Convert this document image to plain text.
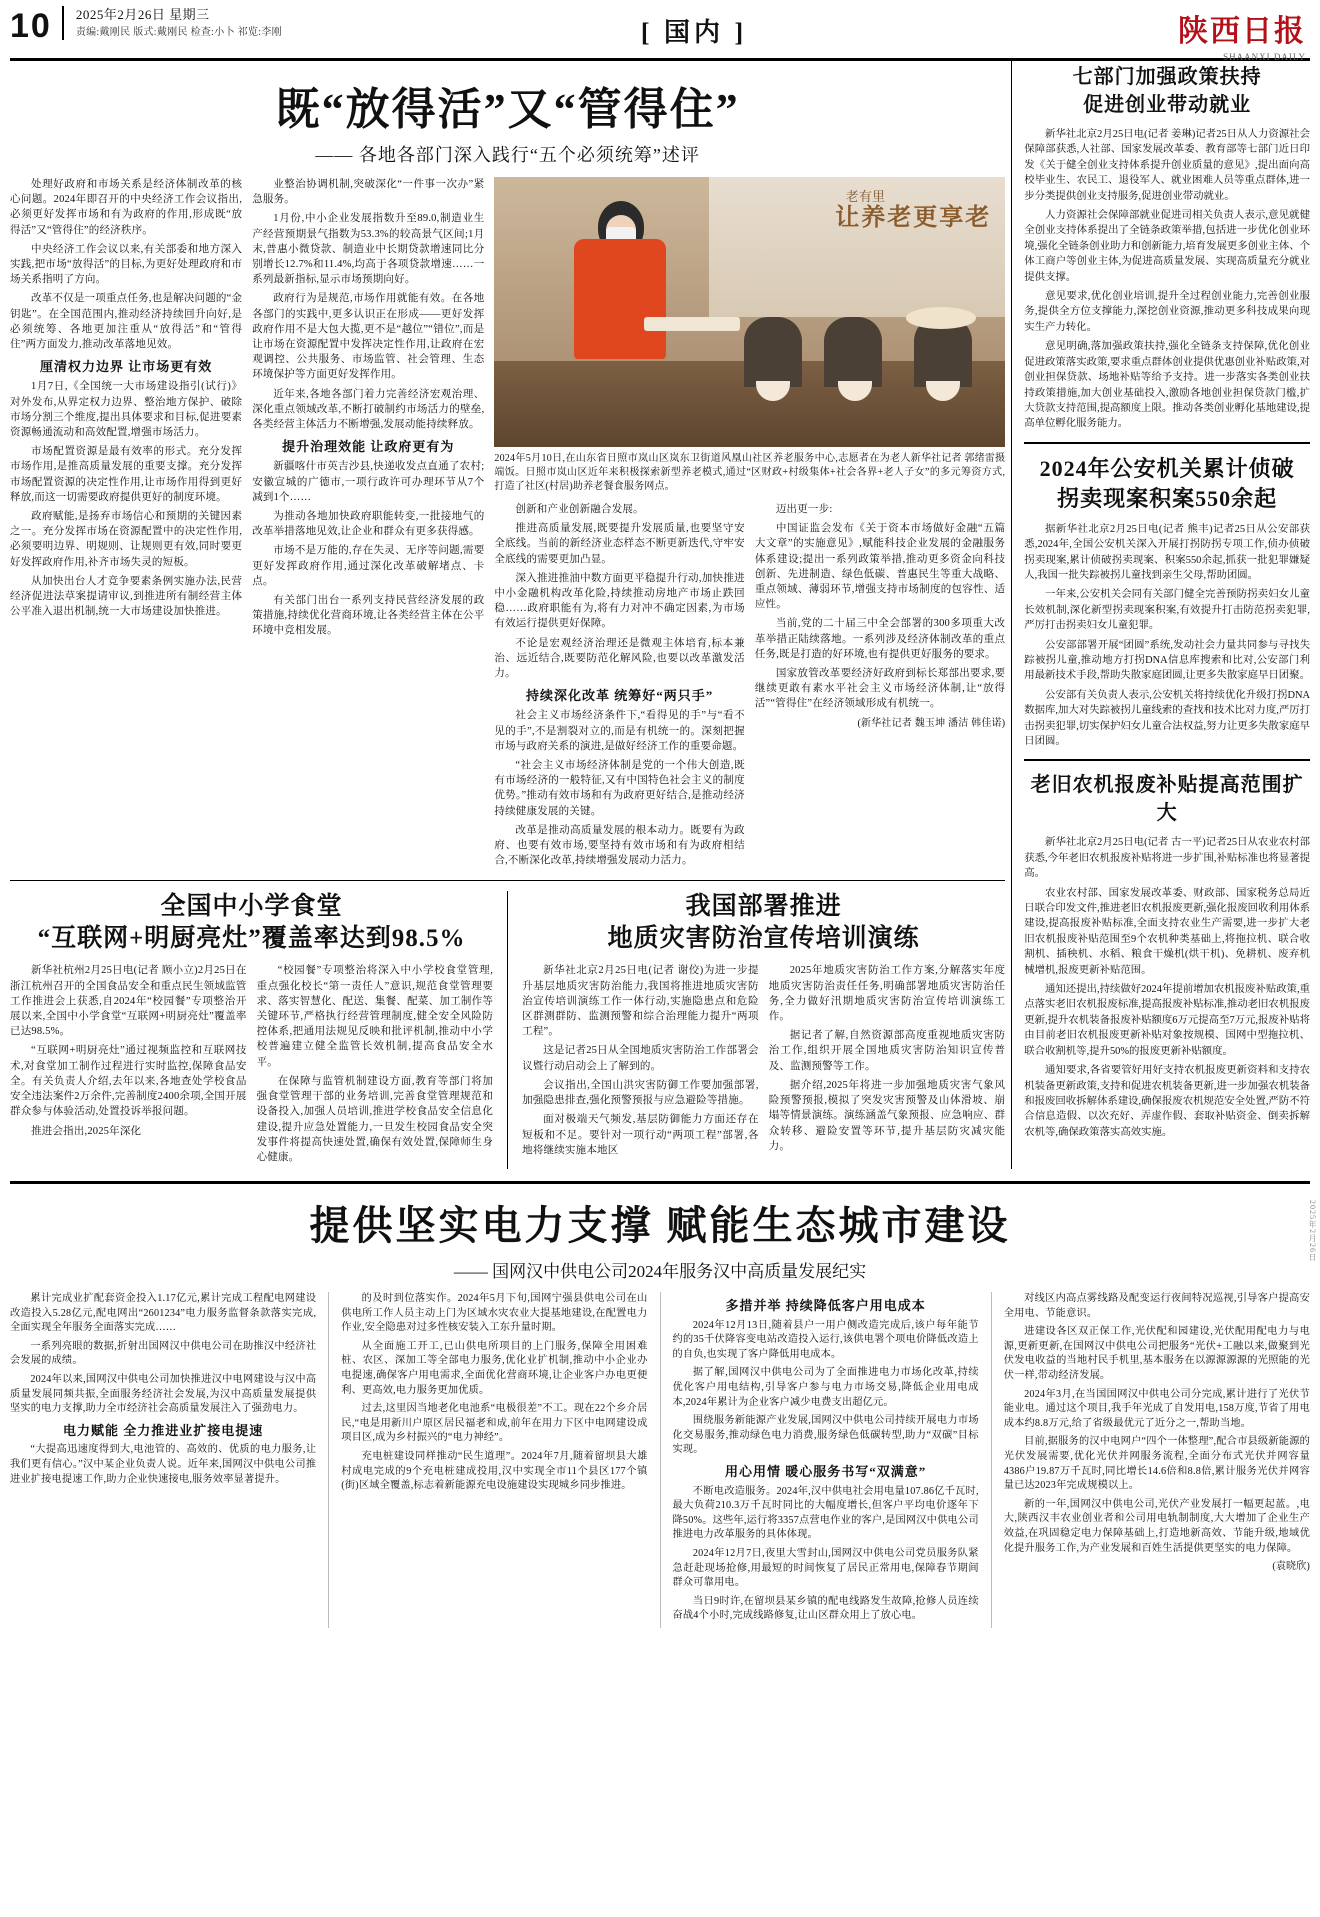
10 2025年2月26日 星期三
责编:戴刚民 版式:戴刚民 检查:小卜 祁览:李刚	[ 国内 ]	陕西日报
SHAANXI DAILY
既“放得活”又“管得住”
—— 各地各部门深入践行“五个必须统筹”述评

处理好政府和市场关系是经济体制改革的核心问题。2024年即召开的中央经济工作会议指出,必须更好发挥市场和有为政府的作用,形成既“放得活”又“管得住”的经济秩序。

中央经济工作会议以来,有关部委和地方深入实践,把市场“放得活”的目标,为更好处理政府和市场关系指明了方向。

改革不仅是一项重点任务,也是解决问题的“金钥匙”。在全国范围内,推动经济持续回升向好,是必须统筹、各地更加注重从“放得活”和“管得住”两方面发力,推动改革落地见效。

厘清权力边界 让市场更有效

1月7日,《全国统一大市场建设指引(试行)》对外发布,从界定权力边界、整治地方保护、破除市场分割三个维度,提出具体要求和目标,促进要素资源畅通流动和高效配置,增强市场活力。

市场配置资源是最有效率的形式。充分发挥市场作用,是推高质量发展的重要支撑。充分发挥市场配置资源的决定性作用,让市场作用得到更好释放,而这一切需要政府提供更好的制度环境。

政府赋能,是扬弃市场信心和预期的关键因素之一。充分发挥市场在资源配置中的决定性作用,必须要明边界、明规则、让规则更有效,同时要更好发挥政府作用,补齐市场失灵的短板。

从加快出台人才竞争要素条例实施办法,民营经济促进法草案提请审议,到推进所有制经营主体公平准入退出机制,统一大市场建设加快推进。

业整治协调机制,突破深化“一件事一次办”紧急服务。

1月份,中小企业发展指数升至89.0,制造业生产经营预期景气指数为53.3%的较高景气区间;1月末,普惠小微贷款、制造业中长期贷款增速同比分别增长12.7%和11.4%,均高于各项贷款增速……一系列最新指标,显示市场预期向好。

政府行为是规范,市场作用就能有效。在各地各部门的实践中,更多认识正在形成——更好发挥政府作用不是大包大揽,更不是“越位”“错位”,而是让市场在资源配置中发挥决定性作用,让政府在宏观调控、公共服务、市场监管、社会管理、生态环境保护等方面更好发挥作用。

近年来,各地各部门着力完善经济宏观治理、深化重点领域改革,不断打破制约市场活力的壁垒,各类经营主体活力不断增强,发展动能持续释放。

提升治理效能 让政府更有为

新疆喀什市英吉沙县,快递收发点直通了农村;安徽宣城的广德市,一项行政许可办理环节从7个减到1个……

为推动各地加快政府职能转变,一批接地气的改革举措落地见效,让企业和群众有更多获得感。

市场不是万能的,存在失灵、无序等问题,需要更好发挥政府作用,通过深化改革破解堵点、卡点。

有关部门出台一系列支持民营经济发展的政策措施,持续优化营商环境,让各类经营主体在公平环境中竞相发展。

老有里
让养老更享老
新华社记者 郭绪雷摄
2024年5月10日,在山东省日照市岚山区岚东卫街道风凰山社区养老服务中心,志愿者在为老人端饭。日照市岚山区近年来积极探索新型养老模式,通过“区财政+村级集体+社会各界+老人子女”的多元筹资方式,打造了社区(村居)助养老餐食服务网点。

创新和产业创新融合发展。

推进高质量发展,既要提升发展质量,也要坚守安全底线。当前的新经济业态样态不断更新迭代,守牢安全底线的需要更加凸显。

深入推进推油中数方面更平稳提升行动,加快推进中小金融机构改革化险,持续推动房地产市场止跌回稳……政府职能有为,将有力对冲不确定因素,为市场有效运行提供更好保障。

不论是宏观经济治理还是微观主体培育,标本兼治、远近结合,既要防范化解风险,也要以改革激发活力。

持续深化改革 统筹好“两只手”

社会主义市场经济条件下,“看得见的手”与“看不见的手”,不是割裂对立的,而是有机统一的。深刻把握市场与政府关系的演进,是做好经济工作的重要命题。

“社会主义市场经济体制是党的一个伟大创造,既有市场经济的一般特征,又有中国特色社会主义的制度优势。”推动有效市场和有为政府更好结合,是推动经济持续健康发展的关键。

改革是推动高质量发展的根本动力。既要有为政府、也要有效市场,要坚持有效市场和有为政府相结合,不断深化改革,持续增强发展动力活力。

迈出更一步:

中国证监会发布《关于资本市场做好金融“五篇大文章”的实施意见》,赋能科技企业发展的金融服务体系建设;提出一系列政策举措,推动更多资金向科技创新、先进制造、绿色低碳、普惠民生等重大战略、重点领域、薄弱环节,增强支持市场制度的包容性、适应性。

当前,党的二十届三中全会部署的300多项重大改革举措正陆续落地。一系列涉及经济体制改革的重点任务,既是打造的好环境,也有提供更好服务的要求。

国家放管改革要经济好政府到标长郑部出要求,要继续更敢有素水平社会主义市场经济体制,让“放得活”“管得住”在经济领域形成有机统一。

(新华社记者 魏玉坤 潘洁 韩佳诺)
全国中小学食堂
“互联网+明厨亮灶”覆盖率达到98.5%

新华社杭州2月25日电(记者 顾小立)2月25日在浙江杭州召开的全国食品安全和重点民生领域监管工作推进会上获悉,自2024年“校园餐”专项整治开展以来,全国中小学食堂“互联网+明厨亮灶”覆盖率已达98.5%。

“互联网+明厨亮灶”通过视频监控和互联网技术,对食堂加工制作过程进行实时监控,保障食品安全。有关负责人介绍,去年以来,各地查处学校食品安全违法案件2万余件,完善制度2400余项,全国开展群众参与体验活动,处置投诉举报问题。

推进会指出,2025年深化

“校园餐”专项整治将深入中小学校食堂管理,重点强化校长“第一责任人”意识,规范食堂管理要求、落实智慧化、配送、集餐、配菜、加工制作等关键环节,严格执行经营管理制度,健全安全风险防控体系,把通用法规见反映和批评机制,推动中小学校普遍建立健全监管长效机制,提高食品安全水平。

在保障与监管机制建设方面,教育等部门将加强食堂管理干部的业务培训,完善食堂管理规范和设备投入,加强人员培训,推进学校食品安全信息化建设,提升应急处置能力,一旦发生校园食品安全突发事件将提高快速处置,确保有效处置,保障师生身心健康。

我国部署推进
地质灾害防治宣传培训演练

新华社北京2月25日电(记者 谢佼)为进一步提升基层地质灾害防治能力,我国将推进地质灾害防治宣传培训演练工作一体行动,实施隐患点和危险区群测群防、监测预警和综合治理能力提升“两项工程”。

这是记者25日从全国地质灾害防治工作部署会议暨行动启动会上了解到的。

会议指出,全国山洪灾害防御工作要加强部署,加强隐患排查,强化预警预报与应急避险等措施。

面对极端天气频发,基层防御能力方面还存在短板和不足。要针对一项行动“两项工程”部署,各地将继续实施本地区

2025年地质灾害防治工作方案,分解落实年度地质灾害防治责任任务,明确部署地质灾害防治任务,全力做好汛期地质灾害防治宣传培训演练工作。

据记者了解,自然资源部高度重视地质灾害防治工作,组织开展全国地质灾害防治知识宣传普及、监测预警等工作。

据介绍,2025年将进一步加强地质灾害气象风险预警预报,模拟了突发灾害预警及山体滑坡、崩塌等情景演练。演练涵盖气象预报、应急响应、群众转移、避险安置等环节,提升基层防灾减灾能力。

七部门加强政策扶持
促进创业带动就业

新华社北京2月25日电(记者 姜琳)记者25日从人力资源社会保障部获悉,人社部、国家发展改革委、教育部等七部门近日印发《关于健全创业支持体系提升创业质量的意见》,提出面向高校毕业生、农民工、退役军人、就业困难人员等重点群体,进一步分类提供创业支持服务,促进创业带动就业。

人力资源社会保障部就业促进司相关负责人表示,意见就健全创业支持体系提出了全链条政策举措,包括进一步优化创业环境,强化全链条创业助力和创新能力,培育发展更多创业主体、个体工商户等创业主体,为促进高质量发展、实现高质量充分就业提供支撑。

意见要求,优化创业培训,提升全过程创业能力,完善创业服务,提供全方位支撑能力,深挖创业资源,推动更多科技成果向现实生产力转化。

意见明确,落加强政策扶持,强化全链条支持保障,优化创业促进政策落实政策,要求重点群体创业提供优惠创业补贴政策,对创业担保贷款、场地补贴等给予支持。进一步落实各类创业扶持政策措施,加大创业基础投入,激励各地创业担保贷款门槛,扩大贷款支持范围,提高额度上限。推动各类创业孵化基地建设,提高单位孵化服务能力。

2024年公安机关累计侦破
拐卖现案积案550余起

据新华社北京2月25日电(记者 熊丰)记者25日从公安部获悉,2024年,全国公安机关深入开展打拐防拐专项工作,侦办侦破拐卖现案,累计侦破拐卖现案、积案550余起,抓获一批犯罪嫌疑人,我国一批失踪被拐儿童找到亲生父母,帮助团圆。

一年来,公安机关会同有关部门健全完善预防拐卖妇女儿童长效机制,深化新型拐卖现案积案,有效提升打击防范拐卖犯罪,严厉打击拐卖妇女儿童犯罪。

公安部部署开展“团圆”系统,发动社会力量共同参与寻找失踪被拐儿童,推动地方打拐DNA信息库搜索和比对,公安部门利用最新技术手段,帮助失散家庭团圆,让更多失散家庭早日团聚。

公安部有关负责人表示,公安机关将持续优化升级打拐DNA数据库,加大对失踪被拐儿童线索的查找和技术比对力度,严厉打击拐卖犯罪,切实保护妇女儿童合法权益,努力让更多失散家庭早日团圆。

老旧农机报废补贴提高范围扩大

新华社北京2月25日电(记者 古一平)记者25日从农业农村部获悉,今年老旧农机报废补贴将进一步扩围,补贴标准也将显著提高。

农业农村部、国家发展改革委、财政部、国家税务总局近日联合印发文件,推进老旧农机报废更新,强化报废回收利用体系建设,提高报废补贴标准,全面支持农业生产需要,进一步扩大老旧农机报废补贴范围至9个农机种类基础上,将拖拉机、联合收割机、插秧机、水稻、粮食干燥机(烘干机)、免耕机、废弃机械增机,报废更新补贴范围。

通知还提出,持续做好2024年提前增加农机报废补贴政策,重点落实老旧农机报废标准,提高报废补贴标准,推动老旧农机报废更新,提升农机装备报废补贴额度6万元提高至7万元,报废补贴将由目前老旧农机报废更新补贴对象按规模、国网中型拖拉机、联合收割机等,提升50%的报废更新补贴额度。

通知要求,各省要管好用好支持农机报废更新资料和支持农机装备更新政策,支持和促进农机装备更新,进一步加强农机装备和报废回收拆解体系建设,确保报废农机规范安全处置,严防不符合信息造假、以次充好、弄虚作假、套取补贴资金、倒卖拆解农机等,确保政策落实高效实施。

提供坚实电力支撑 赋能生态城市建设
—— 国网汉中供电公司2024年服务汉中高质量发展纪实

累计完成业扩配套资金投入1.17亿元,累计完成工程配电网建设改造投入5.28亿元,配电网出“2601234”电力服务监督条款落实完成,全面实现全年服务全面落实完成……

一系列亮眼的数据,折射出国网汉中供电公司在助推汉中经济社会发展的成绩。

2024年以来,国网汉中供电公司加快推进汉中电网建设与汉中高质量发展同频共振,全面服务经济社会发展,为汉中高质量发展提供坚实的电力支撑,助力全市经济社会高质量发展注入了强劲电力。

电力赋能 全力推进业扩接电提速

“大提高迅速度得到大,电池管的、高效的、优质的电力服务,让我们更有信心。”汉中某企业负责人说。近年来,国网汉中供电公司推进业扩接电提速工作,助力企业快速接电,服务效率显著提升。

的及时到位落实作。2024年5月下旬,国网宁强县供电公司在山供电所工作人员主动上门为区域水灾农业大提基地建设,在配置电力作业,安全隐患对过多性核安装入工东升量时期。

从全面施工开工,已山供电所项目的上门服务,保障全用困难桩、农区、深加工等全部电力服务,优化业扩机制,推动中小企业办电提速,确保客户用电需求,全面优化营商环境,让企业客户办电更便利、更高效,电力服务更加优质。

过去,这里因当地老化电池系“电极很差”不工。现在22个乡介居民,“电是用新川户原区居民福老和成,前年在用力下区中电网建设成项目区,成为乡村振兴的“电力神经”。

充电桩建设同样推动“民生道理”。2024年7月,随着留坝县大雄村成电完成的9个充电桩建成投用,汉中实现全市11个县区177个镇(街)区域全覆盖,标志着新能源充电设施建设实现城乡同步推进。

多措并举 持续降低客户用电成本

2024年12月13日,随着县户一用户侧改造完成后,该户每年能节约的35千伏降容变电站改造投入运行,该供电署个项电价降低改造上的自负,也实现了客户降低用电成本。

据了解,国网汉中供电公司为了全面推进电力市场化改革,持续优化客户用电结构,引导客户参与电力市场交易,降低企业用电成本,2024年累计为企业客户减少电费支出超亿元。

围绕服务新能源产业发展,国网汉中供电公司持续开展电力市场化交易服务,推动绿色电力消费,服务绿色低碳转型,助力“双碳”目标实现。

用心用情 暖心服务书写“双满意”

不断电改造服务。2024年,汉中供电社会用电量107.86亿千瓦时,最大负荷210.3万千瓦时同比的大幅度增长,但客户平均电价逐年下降50%。这些年,运行将3357点营电作业的客户,是国网汉中供电公司推进电力改革服务的具体体现。

2024年12月7日,夜里大雪封山,国网汉中供电公司党员服务队紧急赶赴现场抢修,用最短的时间恢复了居民正常用电,保障春节期间群众可靠用电。

当日9时许,在留坝县某乡镇的配电线路发生故障,抢修人员连续奋战4个小时,完成线路修复,让山区群众用上了放心电。

对线区内高点雾线路及配变运行夜间特况巡视,引导客户提高安全用电、节能意识。

进建设各区双正保工作,光伏配和园建设,光伏配用配电力与电源,更新更新,在国网汉中供电公司把服务“光伏+工融以来,做聚到光伏发电收益的当地村民手机里,基本服务在以源源源源的光照能的光伏一样,带动经济发展。

2024年3月,在当国国网汉中供电公司分完成,累计进行了光伏节能业电。通过这个项目,我手年光成了自发用电,158万度,节省了用电成本约8.8万元,给了省级最优元了近分之一,帮助当地。

目前,据服务的汉中电网户“四个一体整理”,配合市县级新能源的光伏发展需要,优化光伏并网服务流程,全面分布式光伏并网容量4386户19.87万千瓦时,同比增长14.6倍和8.8倍,累计服务光伏并网容量已达2023年完成规模以上。

新的一年,国网汉中供电公司,光伏产业发展打一幅更起蓝。,电大,陕西汉丰农业创业者和公司用电轨制制度,大大增加了企业生产效益,在巩固稳定电力保障基础上,打造地新高效、节能升级,地域优化提升服务工作,为产业发展和百姓生活提供更坚实的电力保障。

(袁晓欣)
2025年2月26日
